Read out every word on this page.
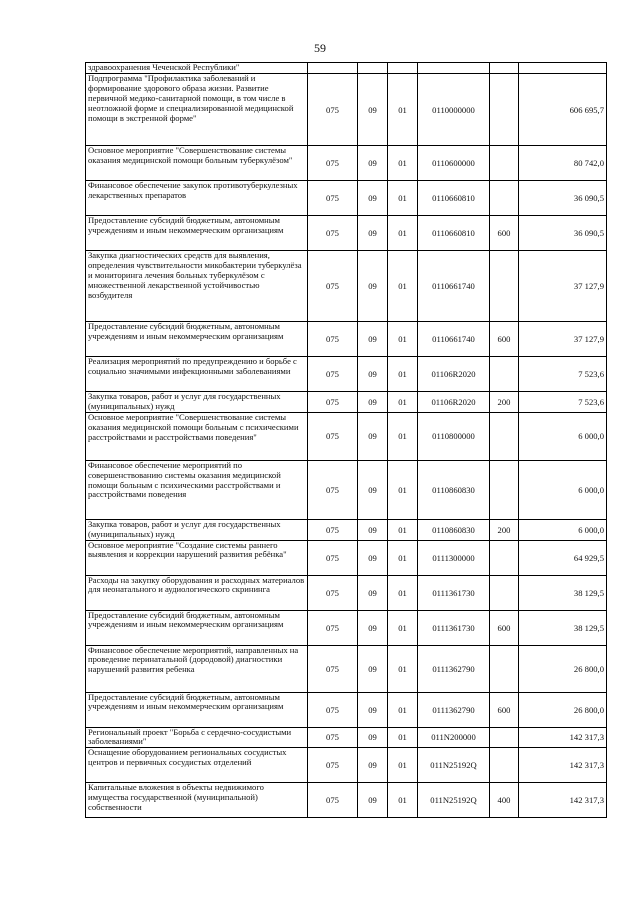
59
здравоохранения Чеченской Республики"						
Подпрограмма "Профилактика заболеваний и формирование здорового образа жизни. Развитие первичной медико-санитарной помощи, в том числе в неотложной форме и специализированной медицинской помощи в экстренной форме"	075	09	01	0110000000		606 695,7
Основное мероприятие "Совершенствование системы оказания медицинской помощи больным туберкулёзом"	075	09	01	0110600000		80 742,0
Финансовое обеспечение закупок противотуберкулезных лекарственных препаратов	075	09	01	0110660810		36 090,5
Предоставление субсидий бюджетным, автономным учреждениям и иным некоммерческим организациям	075	09	01	0110660810	600	36 090,5
Закупка диагностических средств для выявления, определения чувствительности микобактерии туберкулёза и мониторинга лечения больных туберкулёзом с множественной лекарственной устойчивостью возбудителя	075	09	01	0110661740		37 127,9
Предоставление субсидий бюджетным, автономным учреждениям и иным некоммерческим организациям	075	09	01	0110661740	600	37 127,9
Реализация мероприятий по предупреждению и борьбе с социально значимыми инфекционными заболеваниями	075	09	01	01106R2020		7 523,6
Закупка товаров, работ и услуг для государственных (муниципальных) нужд	075	09	01	01106R2020	200	7 523,6
Основное мероприятие "Совершенствование системы оказания медицинской помощи больным с психическими расстройствами и расстройствами поведения"	075	09	01	0110800000		6 000,0
Финансовое обеспечение мероприятий по совершенствованию системы оказания медицинской помощи больным с психическими расстройствами и расстройствами поведения	075	09	01	0110860830		6 000,0
Закупка товаров, работ и услуг для государственных (муниципальных) нужд	075	09	01	0110860830	200	6 000,0
Основное мероприятие "Создание системы раннего выявления и коррекции нарушений развития ребёнка"	075	09	01	0111300000		64 929,5
Расходы на закупку оборудования и расходных материалов для неонатального и аудиологического скрининга	075	09	01	0111361730		38 129,5
Предоставление субсидий бюджетным, автономным учреждениям и иным некоммерческим организациям	075	09	01	0111361730	600	38 129,5
Финансовое обеспечение мероприятий, направленных на проведение перинатальной (дородовой) диагностики нарушений развития ребенка	075	09	01	0111362790		26 800,0
Предоставление субсидий бюджетным, автономным учреждениям и иным некоммерческим организациям	075	09	01	0111362790	600	26 800,0
Региональный проект "Борьба с сердечно-сосудистыми заболеваниями"	075	09	01	011N200000		142 317,3
Оснащение оборудованием региональных сосудистых центров и первичных сосудистых отделений	075	09	01	011N25192Q		142 317,3
Капитальные вложения в объекты недвижимого имущества государственной (муниципальной) собственности	075	09	01	011N25192Q	400	142 317,3
